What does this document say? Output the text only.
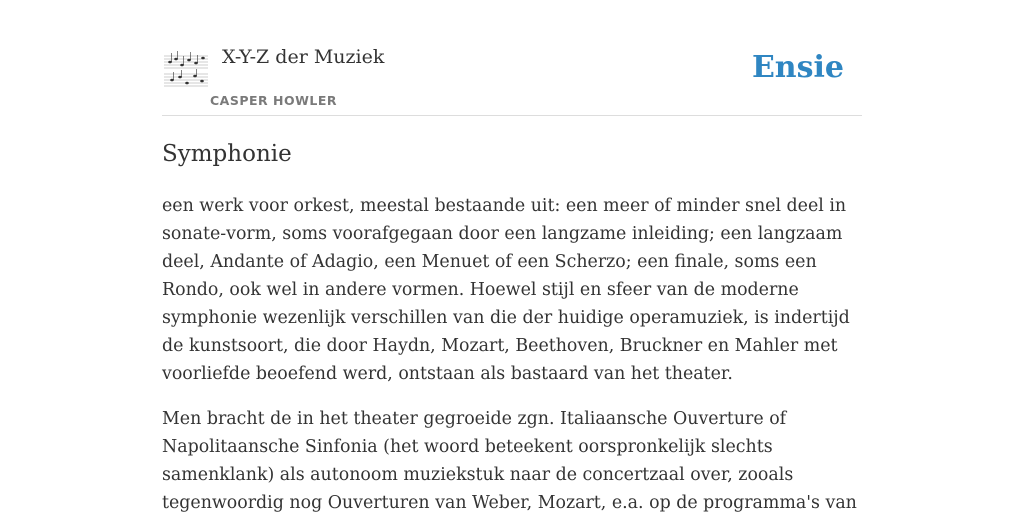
X-Y-Z der Muziek
CASPER HOWLER
Ensie
Symphonie

een werk voor orkest, meestal bestaande uit: een meer of minder snel deel in sonate-vorm, soms voorafgegaan door een langzame inleiding; een langzaam deel, Andante of Adagio, een Menuet of een Scherzo; een finale, soms een Rondo, ook wel in andere vormen. Hoewel stijl en sfeer van de moderne symphonie wezenlijk verschillen van die der huidige operamuziek, is indertijd de kunstsoort, die door Haydn, Mozart, Beethoven, Bruckner en Mahler met voorliefde beoefend werd, ontstaan als bastaard van het theater.

Men bracht de in het theater gegroeide zgn. Italiaansche Ouverture of Napolitaansche Sinfonia (het woord beteekent oorspronkelijk slechts samenklank) als autonoom muziekstuk naar de concertzaal over, zooals tegenwoordig nog Ouverturen van Weber, Mozart, e.a. op de programma's van
